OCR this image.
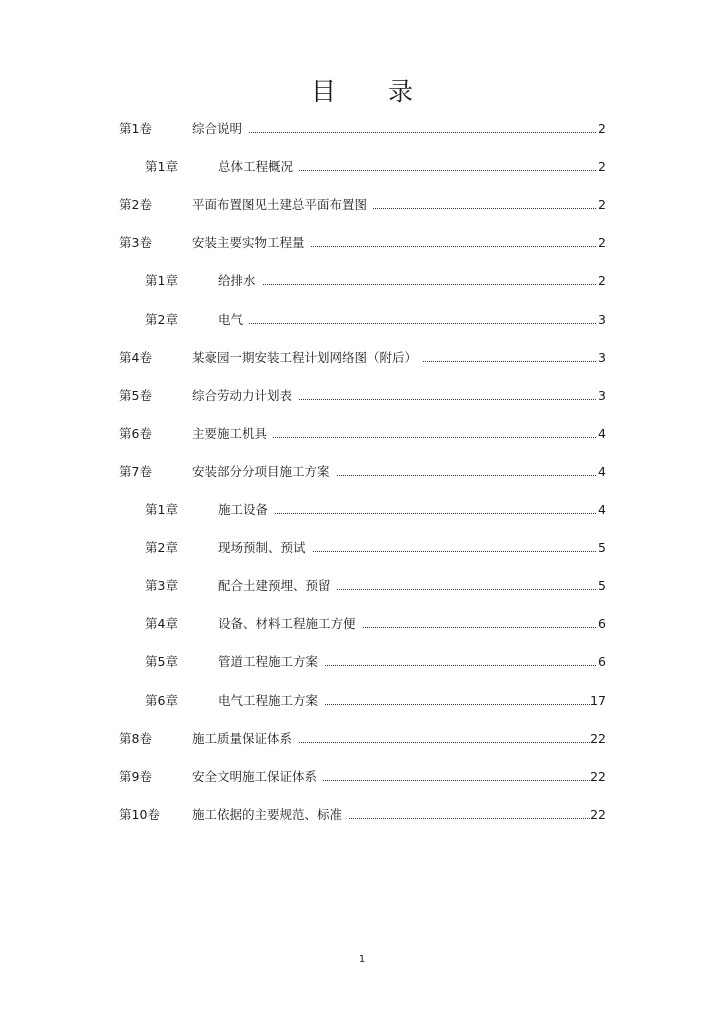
目 录
第1卷	综合说明	2
第1章	总体工程概况	2
第2卷	平面布置图见土建总平面布置图	2
第3卷	安装主要实物工程量	2
第1章	给排水	2
第2章	电气	3
第4卷	某豪园一期安装工程计划网络图（附后）	3
第5卷	综合劳动力计划表	3
第6卷	主要施工机具	4
第7卷	安装部分分项目施工方案	4
第1章	施工设备	4
第2章	现场预制、预试	5
第3章	配合土建预埋、预留	5
第4章	设备、材料工程施工方便	6
第5章	管道工程施工方案	6
第6章	电气工程施工方案	17
第8卷	施工质量保证体系	22
第9卷	安全文明施工保证体系	22
第10卷	施工依据的主要规范、标准	22
1
